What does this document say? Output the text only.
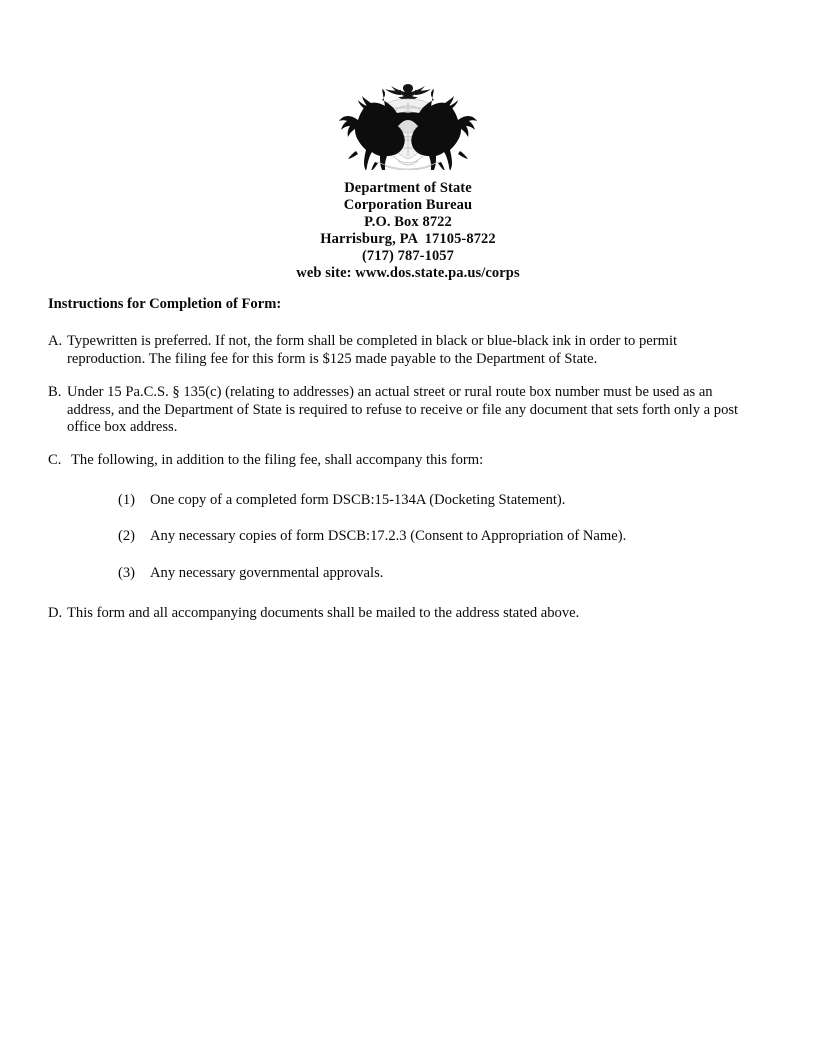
Department of State
Corporation Bureau
P.O. Box 8722
Harrisburg, PA  17105-8722
(717) 787-1057
web site: www.dos.state.pa.us/corps

Instructions for Completion of Form:

A. Typewritten is preferred. If not, the form shall be completed in black or blue-black ink in order to permit reproduction. The filing fee for this form is $125 made payable to the Department of State.
B. Under 15 Pa.C.S. § 135(c) (relating to addresses) an actual street or rural route box number must be used as an address, and the Department of State is required to refuse to receive or file any document that sets forth only a post office box address.
C. The following, in addition to the filing fee, shall accompany this form:
(1) One copy of a completed form DSCB:15-134A (Docketing Statement).
(2) Any necessary copies of form DSCB:17.2.3 (Consent to Appropriation of Name).
(3) Any necessary governmental approvals.
D. This form and all accompanying documents shall be mailed to the address stated above.
